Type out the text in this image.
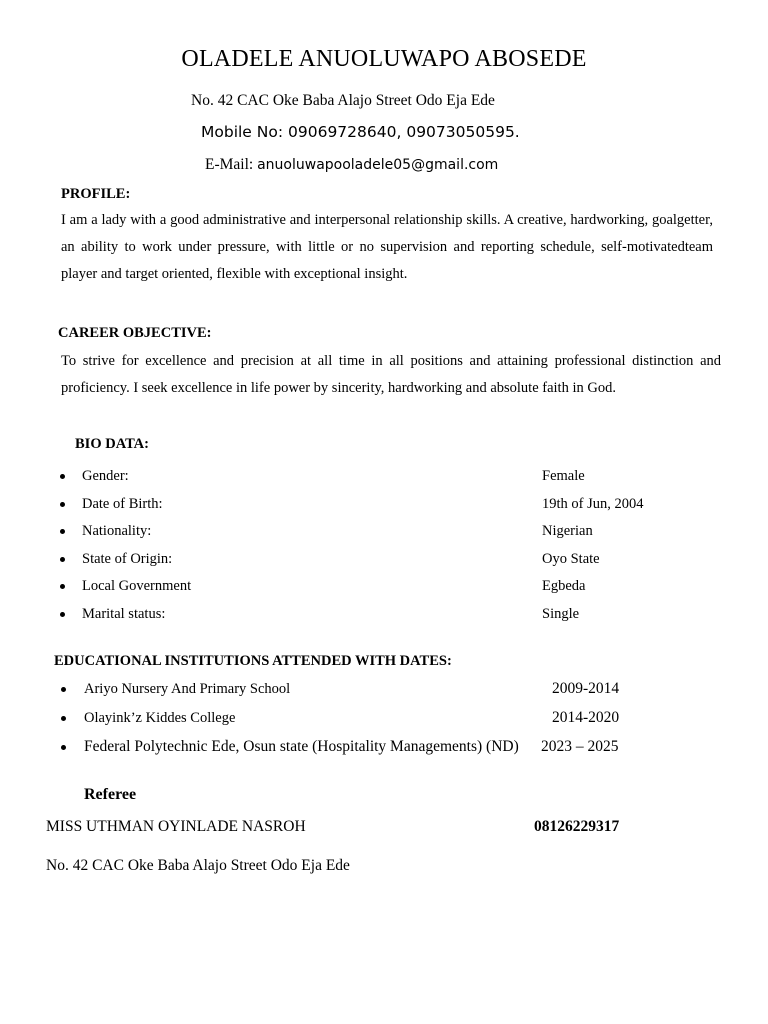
OLADELE ANUOLUWAPO ABOSEDE
No. 42 CAC Oke Baba Alajo Street Odo Eja Ede
Mobile No: 09069728640, 09073050595.
E-Mail: anuoluwapooladele05@gmail.com
PROFILE:
I am a lady with a good administrative and interpersonal relationship skills. A creative, hardworking, goalgetter, an ability to work under pressure, with little or no supervision and reporting schedule, self-motivatedteam player and target oriented, flexible with exceptional insight.
CAREER OBJECTIVE:
To strive for excellence and precision at all time in all positions and attaining professional distinction and proficiency. I seek excellence in life power by sincerity, hardworking and absolute faith in God.
BIO DATA:
Gender:	Female
Date of Birth:	19th of Jun, 2004
Nationality:	Nigerian
State of Origin:	Oyo State
Local Government	Egbeda
Marital status:	Single
EDUCATIONAL INSTITUTIONS ATTENDED WITH DATES:
Ariyo Nursery And Primary School	2009-2014
Olayink’z Kiddes College	2014-2020
Federal Polytechnic Ede, Osun state (Hospitality Managements) (ND) 2023 – 2025
Referee
MISS UTHMAN OYINLADE NASROH	08126229317
No. 42 CAC Oke Baba Alajo Street Odo Eja Ede
